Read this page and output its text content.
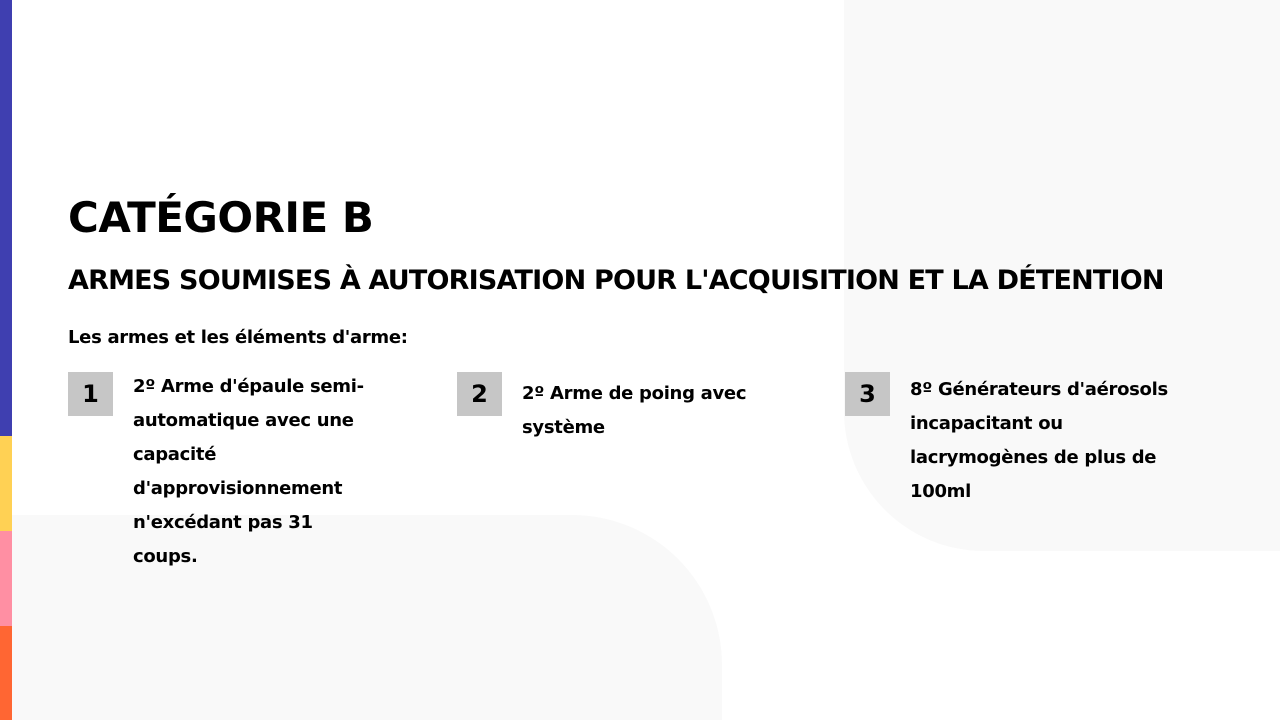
CATÉGORIE B
ARMES SOUMISES À AUTORISATION POUR L'ACQUISITION ET LA DÉTENTION

Les armes et les éléments d'arme:

1	2º Arme d'épaule semi-automatique avec une capacité d'approvisionnement n'excédant pas 31 coups.

2	2º Arme de poing avec système

3	8º Générateurs d'aérosols incapacitant ou lacrymogènes de plus de 100ml
